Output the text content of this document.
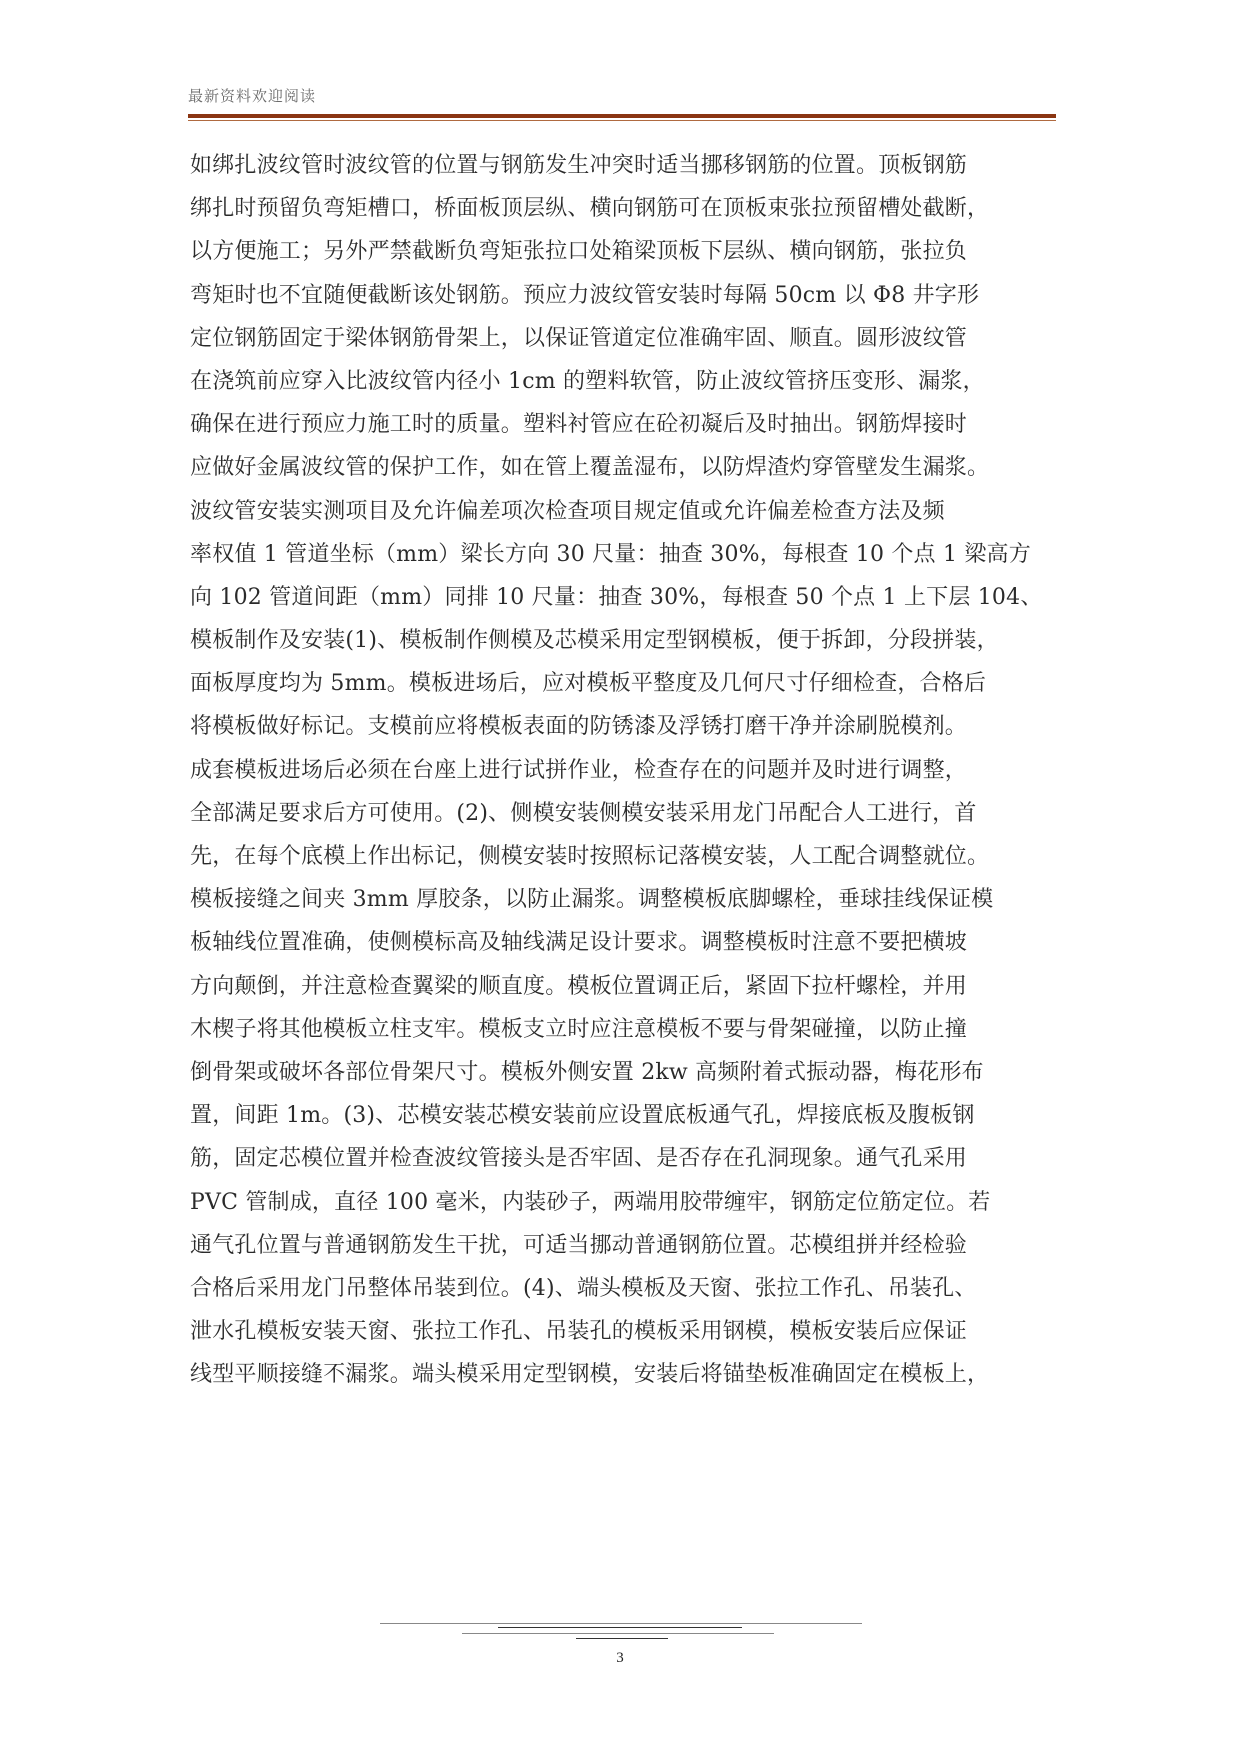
最新资料欢迎阅读
如绑扎波纹管时波纹管的位置与钢筋发生冲突时适当挪移钢筋的位置。顶板钢筋
绑扎时预留负弯矩槽口，桥面板顶层纵、横向钢筋可在顶板束张拉预留槽处截断，
以方便施工；另外严禁截断负弯矩张拉口处箱梁顶板下层纵、横向钢筋，张拉负
弯矩时也不宜随便截断该处钢筋。预应力波纹管安装时每隔 50cm 以 Φ8 井字形
定位钢筋固定于梁体钢筋骨架上，以保证管道定位准确牢固、顺直。圆形波纹管
在浇筑前应穿入比波纹管内径小 1cm 的塑料软管，防止波纹管挤压变形、漏浆，
确保在进行预应力施工时的质量。塑料衬管应在砼初凝后及时抽出。钢筋焊接时
应做好金属波纹管的保护工作，如在管上覆盖湿布，以防焊渣灼穿管壁发生漏浆。
波纹管安装实测项目及允许偏差项次检查项目规定值或允许偏差检查方法及频
率权值 1 管道坐标（mm）梁长方向 30 尺量：抽查 30%，每根查 10 个点 1 梁高方
向 102 管道间距（mm）同排 10 尺量：抽查 30%，每根查 50 个点 1 上下层 104、
模板制作及安装(1)、模板制作侧模及芯模采用定型钢模板，便于拆卸，分段拼装，
面板厚度均为 5mm。模板进场后，应对模板平整度及几何尺寸仔细检查，合格后
将模板做好标记。支模前应将模板表面的防锈漆及浮锈打磨干净并涂刷脱模剂。
成套模板进场后必须在台座上进行试拼作业，检查存在的问题并及时进行调整，
全部满足要求后方可使用。(2)、侧模安装侧模安装采用龙门吊配合人工进行，首
先，在每个底模上作出标记，侧模安装时按照标记落模安装，人工配合调整就位。
模板接缝之间夹 3mm 厚胶条，以防止漏浆。调整模板底脚螺栓，垂球挂线保证模
板轴线位置准确，使侧模标高及轴线满足设计要求。调整模板时注意不要把横坡
方向颠倒，并注意检查翼梁的顺直度。模板位置调正后，紧固下拉杆螺栓，并用
木楔子将其他模板立柱支牢。模板支立时应注意模板不要与骨架碰撞，以防止撞
倒骨架或破坏各部位骨架尺寸。模板外侧安置 2kw 高频附着式振动器，梅花形布
置，间距 1m。(3)、芯模安装芯模安装前应设置底板通气孔，焊接底板及腹板钢
筋，固定芯模位置并检查波纹管接头是否牢固、是否存在孔洞现象。通气孔采用
PVC 管制成，直径 100 毫米，内装砂子，两端用胶带缠牢，钢筋定位筋定位。若
通气孔位置与普通钢筋发生干扰，可适当挪动普通钢筋位置。芯模组拼并经检验
合格后采用龙门吊整体吊装到位。(4)、端头模板及天窗、张拉工作孔、吊装孔、
泄水孔模板安装天窗、张拉工作孔、吊装孔的模板采用钢模，模板安装后应保证
线型平顺接缝不漏浆。端头模采用定型钢模，安装后将锚垫板准确固定在模板上，
3
